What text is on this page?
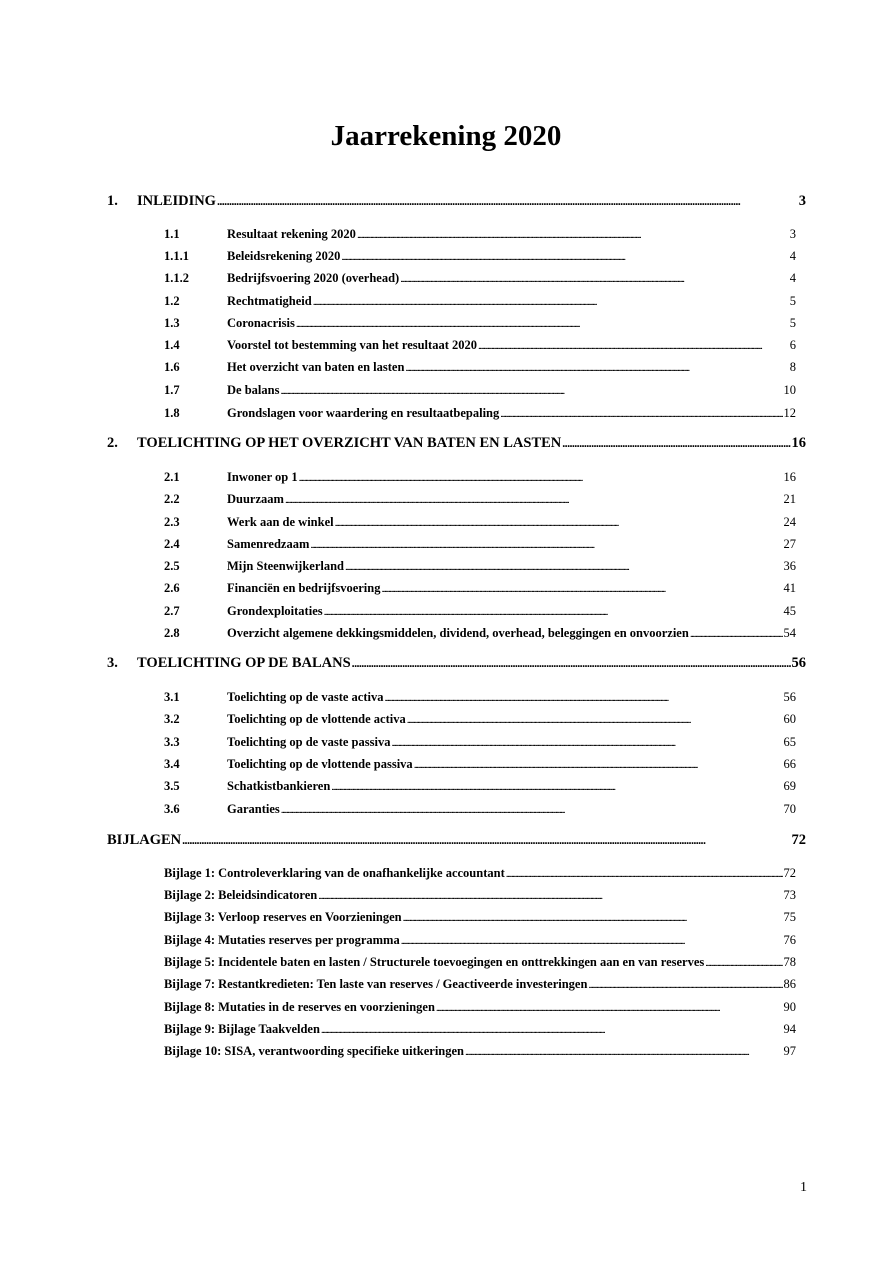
Jaarrekening 2020
1.	INLEIDING . . .	3
1.1	Resultaat rekening 2020 . . .	3
1.1.1	Beleidsrekening 2020 . . .	4
1.1.2	Bedrijfsvoering 2020 (overhead) . . .	4
1.2	Rechtmatigheid . . .	5
1.3	Coronacrisis . . .	5
1.4	Voorstel tot bestemming van het resultaat 2020 . . .	6
1.6	Het overzicht van baten en lasten . . .	8
1.7	De balans . . .	10
1.8	Grondslagen voor waardering en resultaatbepaling . . .	12
2.	TOELICHTING OP HET OVERZICHT VAN BATEN EN LASTEN . . .	16
2.1	Inwoner op 1 . . .	16
2.2	Duurzaam . . .	21
2.3	Werk aan de winkel . . .	24
2.4	Samenredzaam . . .	27
2.5	Mijn Steenwijkerland . . .	36
2.6	Financiën en bedrijfsvoering . . .	41
2.7	Grondexploitaties . . .	45
2.8	Overzicht algemene dekkingsmiddelen, dividend, overhead, beleggingen en onvoorzien . . .	54
3.	TOELICHTING OP DE BALANS . . .	56
3.1	Toelichting op de vaste activa . . .	56
3.2	Toelichting op de vlottende activa . . .	60
3.3	Toelichting op de vaste passiva . . .	65
3.4	Toelichting op de vlottende passiva . . .	66
3.5	Schatkistbankieren . . .	69
3.6	Garanties . . .	70
BIJLAGEN . . .	72
Bijlage 1: Controleverklaring van de onafhankelijke accountant . . .	72
Bijlage 2: Beleidsindicatoren . . .	73
Bijlage 3: Verloop reserves en Voorzieningen . . .	75
Bijlage 4: Mutaties reserves per programma . . .	76
Bijlage 5: Incidentele baten en lasten / Structurele toevoegingen en onttrekkingen aan en van reserves . . .	78
Bijlage 7: Restantkredieten: Ten laste van reserves / Geactiveerde investeringen . . .	86
Bijlage 8: Mutaties in de reserves en voorzieningen . . .	90
Bijlage 9: Bijlage Taakvelden . . .	94
Bijlage 10: SISA, verantwoording specifieke uitkeringen . . .	97
1
